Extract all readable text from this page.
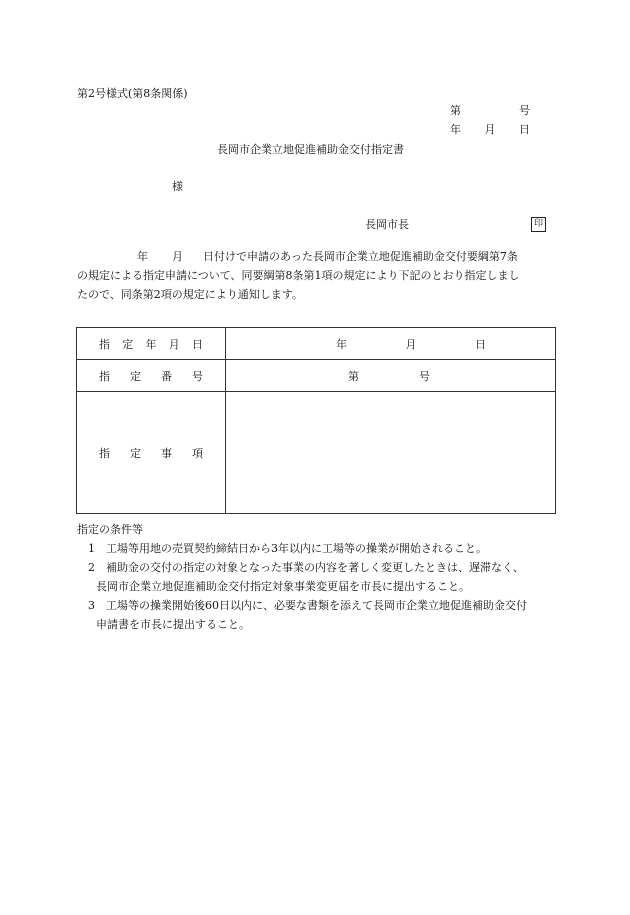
第2号様式(第8条関係)
第	号
年 月 日
長岡市企業立地促進補助金交付指定書
様
長岡市長	印
年 月 日付けで申請のあった長岡市企業立地促進補助金交付要綱第7条
の規定による指定申請について、同要綱第8条第1項の規定により下記のとおり指定しまし
たので、同条第2項の規定により通知します。
指 定 年 月 日	年 月 日

指 定 番 号	第 号

指 定 事 項	

指定の条件等
1　工場等用地の売買契約締結日から3年以内に工場等の操業が開始されること。
2　補助金の交付の指定の対象となった事業の内容を著しく変更したときは、遅滞なく、
長岡市企業立地促進補助金交付指定対象事業変更届を市長に提出すること。
3　工場等の操業開始後60日以内に、必要な書類を添えて長岡市企業立地促進補助金交付
申請書を市長に提出すること。
